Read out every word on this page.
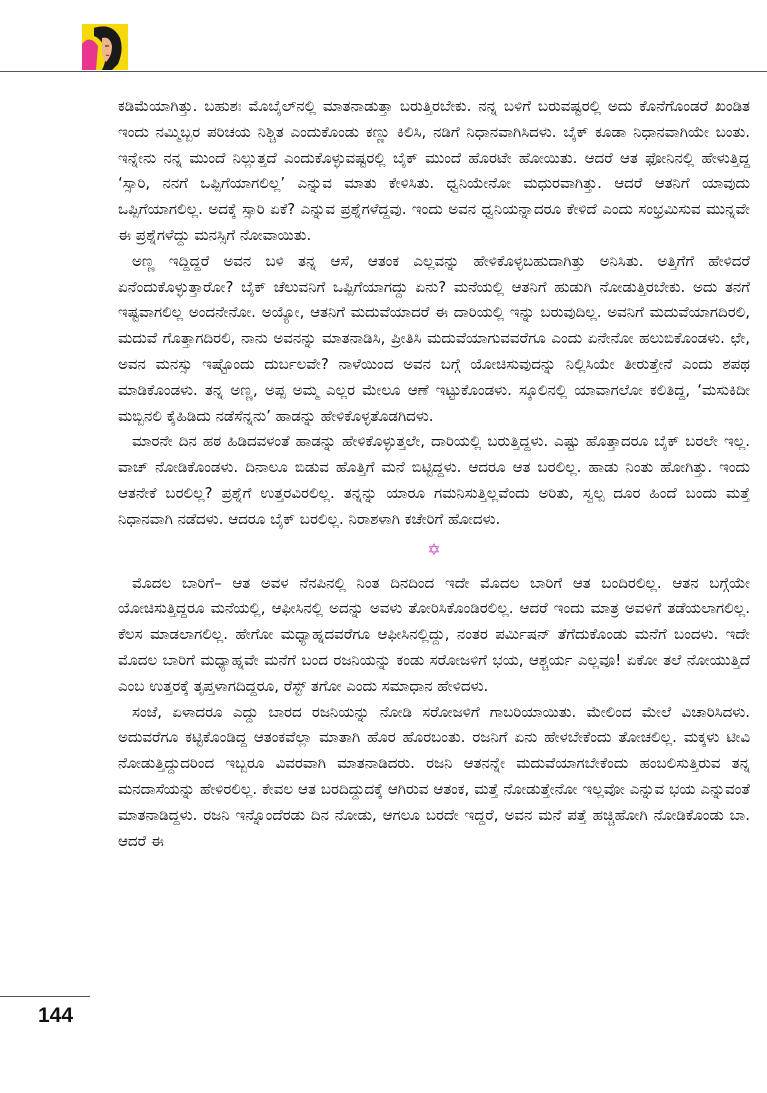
ಕಡಿಮೆಯಾಗಿತ್ತು. ಬಹುಶಃ ಮೊಬೈಲ್‌ನಲ್ಲಿ ಮಾತನಾಡುತ್ತಾ ಬರುತ್ತಿರಬೇಕು. ನನ್ನ ಬಳಿಗೆ ಬರುವಷ್ಟರಲ್ಲಿ ಅದು ಕೊನೆಗೊಂಡರೆ ಖಂಡಿತ ಇಂದು ನಮ್ಮಿಬ್ಬರ ಪರಿಚಯ ನಿಶ್ಚಿತ ಎಂದುಕೊಂಡು ಕಣ್ಣು ಕಿಲಿಸಿ, ನಡಿಗೆ ನಿಧಾನವಾಗಿಸಿದಳು. ಬೈಕ್ ಕೂಡಾ ನಿಧಾನವಾಗಿಯೇ ಬಂತು. ಇನ್ನೇನು ನನ್ನ ಮುಂದೆ ನಿಲ್ಲುತ್ತದೆ ಎಂದುಕೊಳ್ಳುವಷ್ಟರಲ್ಲಿ ಬೈಕ್ ಮುಂದೆ ಹೊರಟೇ ಹೋಯಿತು. ಆದರೆ ಆತ ಫೋನಿನಲ್ಲಿ ಹೇಳುತ್ತಿದ್ದ ‘ಸ್ಸಾರಿ, ನನಗೆ ಒಪ್ಪಿಗೆಯಾಗಲಿಲ್ಲ’ ಎನ್ನುವ ಮಾತು ಕೇಳಿಸಿತು. ಧ್ವನಿಯೇನೋ ಮಧುರವಾಗಿತ್ತು. ಆದರೆ ಆತನಿಗೆ ಯಾವುದು ಒಪ್ಪಿಗೆಯಾಗಲಿಲ್ಲ. ಅದಕ್ಕೆ ಸ್ಸಾರಿ ಏಕೆ? ಎನ್ನುವ ಪ್ರಶ್ನೆಗಳೆದ್ದವು. ಇಂದು ಅವನ ಧ್ವನಿಯನ್ನಾದರೂ ಕೇಳಿದೆ ಎಂದು ಸಂಭ್ರಮಿಸುವ ಮುನ್ನವೇ ಈ ಪ್ರಶ್ನೆಗಳೆದ್ದು ಮನಸ್ಸಿಗೆ ನೋವಾಯಿತು.

ಅಣ್ಣ ಇದ್ದಿದ್ದರೆ ಅವನ ಬಳಿ ತನ್ನ ಆಸೆ, ಆತಂಕ ಎಲ್ಲವನ್ನು ಹೇಳಿಕೊಳ್ಳಬಹುದಾಗಿತ್ತು ಅನಿಸಿತು. ಅತ್ತಿಗೆಗೆ ಹೇಳಿದರೆ ಏನೆಂದುಕೊಳ್ಳುತ್ತಾರೋ? ಬೈಕ್ ಚೆಲುವನಿಗೆ ಒಪ್ಪಿಗೆಯಾಗದ್ದು ಏನು? ಮನೆಯಲ್ಲಿ ಆತನಿಗೆ ಹುಡುಗಿ ನೋಡುತ್ತಿರಬೇಕು. ಅದು ತನಗೆ ಇಷ್ಟವಾಗಲಿಲ್ಲ ಅಂದನೇನೋ. ಅಯ್ಯೋ, ಆತನಿಗೆ ಮದುವೆಯಾದರೆ ಈ ದಾರಿಯಲ್ಲಿ ಇನ್ನು ಬರುವುದಿಲ್ಲ. ಅವನಿಗೆ ಮದುವೆಯಾಗದಿರಲಿ, ಮದುವೆ ಗೊತ್ತಾಗದಿರಲಿ, ನಾನು ಅವನನ್ನು ಮಾತನಾಡಿಸಿ, ಪ್ರೀತಿಸಿ ಮದುವೆಯಾಗುವವರೆಗೂ ಎಂದು ಏನೇನೋ ಹಲುಬಿಕೊಂಡಳು. ಛೇ, ಅವನ ಮನಸ್ಸು ಇಷ್ಟೊಂದು ದುರ್ಬಲವೇ? ನಾಳೆಯಿಂದ ಅವನ ಬಗ್ಗೆ ಯೋಚಿಸುವುದನ್ನು ನಿಲ್ಲಿಸಿಯೇ ತೀರುತ್ತೇನೆ ಎಂದು ಶಪಥ ಮಾಡಿಕೊಂಡಳು. ತನ್ನ ಅಣ್ಣ, ಅಪ್ಪ ಅಮ್ಮ ಎಲ್ಲರ ಮೇಲೂ ಆಣೆ ಇಟ್ಟುಕೊಂಡಳು. ಸ್ಕೂಲಿನಲ್ಲಿ ಯಾವಾಗಲೋ ಕಲಿತಿದ್ದ, ‘ಮಸುಕಿದೀ ಮಬ್ಬಿನಲಿ ಕೈಹಿಡಿದು ನಡೆಸೆನ್ನನು’ ಹಾಡನ್ನು ಹೇಳಿಕೊಳ್ಳತೊಡಗಿದಳು.

ಮಾರನೇ ದಿನ ಹಠ ಹಿಡಿದವಳಂತೆ ಹಾಡನ್ನು ಹೇಳಿಕೊಳ್ಳುತ್ತಲೇ, ದಾರಿಯಲ್ಲಿ ಬರುತ್ತಿದ್ದಳು. ಎಷ್ಟು ಹೊತ್ತಾದರೂ ಬೈಕ್ ಬರಲೇ ಇಲ್ಲ. ವಾಚ್ ನೋಡಿಕೊಂಡಳು. ದಿನಾಲೂ ಬಿಡುವ ಹೊತ್ತಿಗೆ ಮನೆ ಬಿಟ್ಟಿದ್ದಳು. ಆದರೂ ಆತ ಬರಲಿಲ್ಲ. ಹಾಡು ನಿಂತು ಹೋಗಿತ್ತು. ಇಂದು ಆತನೇಕೆ ಬರಲಿಲ್ಲ? ಪ್ರಶ್ನೆಗೆ ಉತ್ತರವಿರಲಿಲ್ಲ. ತನ್ನನ್ನು ಯಾರೂ ಗಮನಿಸುತ್ತಿಲ್ಲವೆಂದು ಅರಿತು, ಸ್ವಲ್ಪ ದೂರ ಹಿಂದೆ ಬಂದು ಮತ್ತೆ ನಿಧಾನವಾಗಿ ನಡೆದಳು. ಆದರೂ ಬೈಕ್ ಬರಲಿಲ್ಲ. ನಿರಾಶಳಾಗಿ ಕಚೇರಿಗೆ ಹೋದಳು.

✡

ಮೊದಲ ಬಾರಿಗೆ– ಆತ ಅವಳ ನೆನಪಿನಲ್ಲಿ ನಿಂತ ದಿನದಿಂದ ಇದೇ ಮೊದಲ ಬಾರಿಗೆ ಆತ ಬಂದಿರಲಿಲ್ಲ. ಆತನ ಬಗ್ಗೆಯೇ ಯೋಚಿಸುತ್ತಿದ್ದರೂ ಮನೆಯಲ್ಲಿ, ಆಫೀಸಿನಲ್ಲಿ ಅದನ್ನು ಅವಳು ತೋರಿಸಿಕೊಂಡಿರಲಿಲ್ಲ. ಆದರೆ ಇಂದು ಮಾತ್ರ ಅವಳಿಗೆ ತಡೆಯಲಾಗಲಿಲ್ಲ. ಕೆಲಸ ಮಾಡಲಾಗಲಿಲ್ಲ. ಹೇಗೋ ಮಧ್ಯಾಹ್ನದವರೆಗೂ ಆಫೀಸಿನಲ್ಲಿದ್ದು, ನಂತರ ಪರ್ಮಿಷನ್ ತೆಗೆದುಕೊಂಡು ಮನೆಗೆ ಬಂದಳು. ಇದೇ ಮೊದಲ ಬಾರಿಗೆ ಮಧ್ಯಾಹ್ನವೇ ಮನೆಗೆ ಬಂದ ರಜನಿಯನ್ನು ಕಂಡು ಸರೋಜಳಿಗೆ ಭಯ, ಆಶ್ಚರ್ಯ ಎಲ್ಲವೂ! ಏಕೋ ತಲೆ ನೋಯುತ್ತಿದೆ ಎಂಬ ಉತ್ತರಕ್ಕೆ ತೃಪ್ತಳಾಗದಿದ್ದರೂ, ರೆಸ್ಟ್ ತಗೋ ಎಂದು ಸಮಾಧಾನ ಹೇಳಿದಳು.

ಸಂಜೆ, ಏಳಾದರೂ ಎದ್ದು ಬಾರದ ರಜನಿಯನ್ನು ನೋಡಿ ಸರೋಜಳಿಗೆ ಗಾಬರಿಯಾಯಿತು. ಮೇಲಿಂದ ಮೇಲೆ ವಿಚಾರಿಸಿದಳು. ಅದುವರೆಗೂ ಕಟ್ಟಿಕೊಂಡಿದ್ದ ಆತಂಕವೆಲ್ಲಾ ಮಾತಾಗಿ ಹೊರ ಹೊರಬಂತು. ರಜನಿಗೆ ಏನು ಹೇಳಬೇಕೆಂದು ತೋಚಲಿಲ್ಲ. ಮಕ್ಕಳು ಟೀವಿ ನೋಡುತ್ತಿದ್ದುದರಿಂದ ಇಬ್ಬರೂ ವಿವರವಾಗಿ ಮಾತನಾಡಿದರು. ರಜನಿ ಆತನನ್ನೇ ಮದುವೆಯಾಗಬೇಕೆಂದು ಹಂಬಲಿಸುತ್ತಿರುವ ತನ್ನ ಮನದಾಸೆಯನ್ನು ಹೇಳಿರಲಿಲ್ಲ. ಕೇವಲ ಆತ ಬರದಿದ್ದುದಕ್ಕೆ ಆಗಿರುವ ಆತಂಕ, ಮತ್ತೆ ನೋಡುತ್ತೇನೋ ಇಲ್ಲವೋ ಎನ್ನುವ ಭಯ ಎನ್ನುವಂತೆ ಮಾತನಾಡಿದ್ದಳು. ರಜನಿ ಇನ್ನೊಂದೆರಡು ದಿನ ನೋಡು, ಆಗಲೂ ಬರದೇ ಇದ್ದರೆ, ಅವನ ಮನೆ ಪತ್ತೆ ಹಚ್ಚಿಹೋಗಿ ನೋಡಿಕೊಂಡು ಬಾ. ಆದರೆ ಈ

144
